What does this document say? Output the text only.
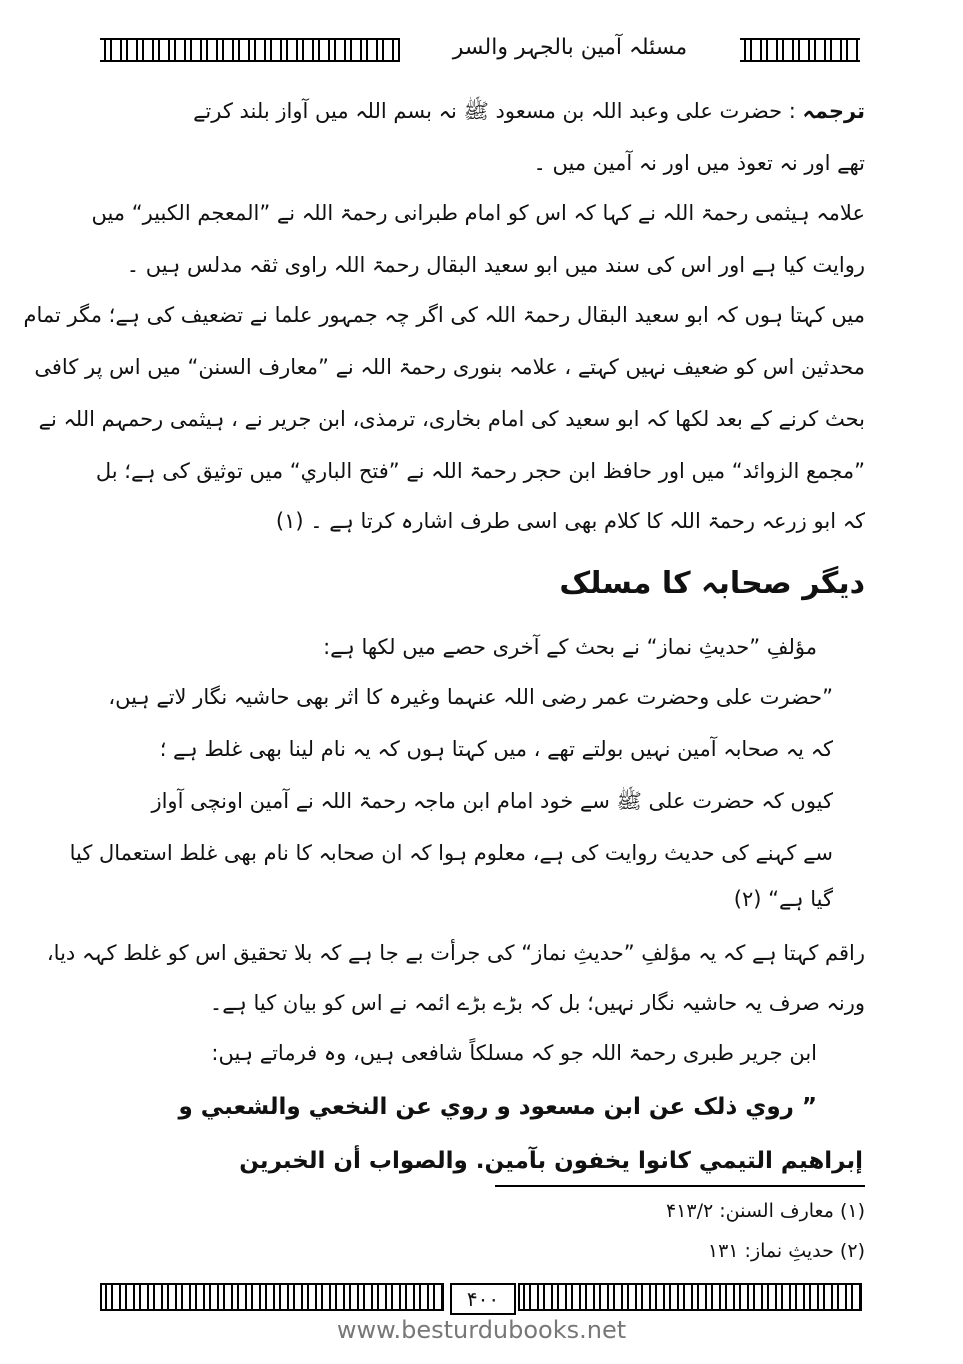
مسئلہ آمین بالجہر والسر
ترجمہ : حضرت علی وعبد اللہ بن مسعود ﷺ نہ بسم اللہ میں آواز بلند کرتے
تھے اور نہ تعوذ میں اور نہ آمین میں ۔
علامہ ہیثمی رحمۃ اللہ نے کہا کہ اس کو امام طبرانی رحمۃ اللہ نے ”المعجم الکبیر“ میں
روایت کیا ہے اور اس کی سند میں ابو سعید البقال رحمۃ اللہ راوی ثقہ مدلس ہیں ۔
میں کہتا ہوں کہ ابو سعید البقال رحمۃ اللہ کی اگر چہ جمہور علما نے تضعیف کی ہے؛ مگر تمام
محدثین اس کو ضعیف نہیں کہتے ، علامہ بنوری رحمۃ اللہ نے ”معارف السنن“ میں اس پر کافی
بحث کرنے کے بعد لکھا کہ ابو سعید کی امام بخاری، ترمذی، ابن جریر نے ، ہیثمی رحمہم اللہ نے
”مجمع الزوائد“ میں اور حافظ ابن حجر رحمۃ اللہ نے ”فتح الباري“ میں توثیق کی ہے؛ بل
کہ ابو زرعہ رحمۃ اللہ کا کلام بھی اسی طرف اشارہ کرتا ہے ۔ (۱)
دیگر صحابہ کا مسلک
مؤلفِ ”حدیثِ نماز“ نے بحث کے آخری حصے میں لکھا ہے:
”حضرت علی وحضرت عمر رضی اللہ عنہما وغیرہ کا اثر بھی حاشیہ نگار لاتے ہیں،
کہ یہ صحابہ آمین نہیں بولتے تھے ، میں کہتا ہوں کہ یہ نام لینا بھی غلط ہے ؛
کیوں کہ حضرت علی ﷺ سے خود امام ابن ماجہ رحمۃ اللہ نے آمین اونچی آواز
سے کہنے کی حدیث روایت کی ہے، معلوم ہوا کہ ان صحابہ کا نام بھی غلط استعمال کیا
گیا ہے“ (۲)
راقم کہتا ہے کہ یہ مؤلفِ ”حدیثِ نماز“ کی جرأت بے جا ہے کہ بلا تحقیق اس کو غلط کہہ دیا،
ورنہ صرف یہ حاشیہ نگار نہیں؛ بل کہ بڑے بڑے ائمہ نے اس کو بیان کیا ہے۔
ابن جریر طبری رحمۃ اللہ جو کہ مسلکاً شافعی ہیں، وہ فرماتے ہیں:
” روي ذلک عن ابن مسعود و روي عن النخعي والشعبي و
إبراهيم التيمي كانوا يخفون بآمين. والصواب أن الخبرين
(۱) معارف السنن: ۴۱۳/۲
(۲) حدیثِ نماز: ۱۳۱
۴۰۰
www.besturdubooks.net
